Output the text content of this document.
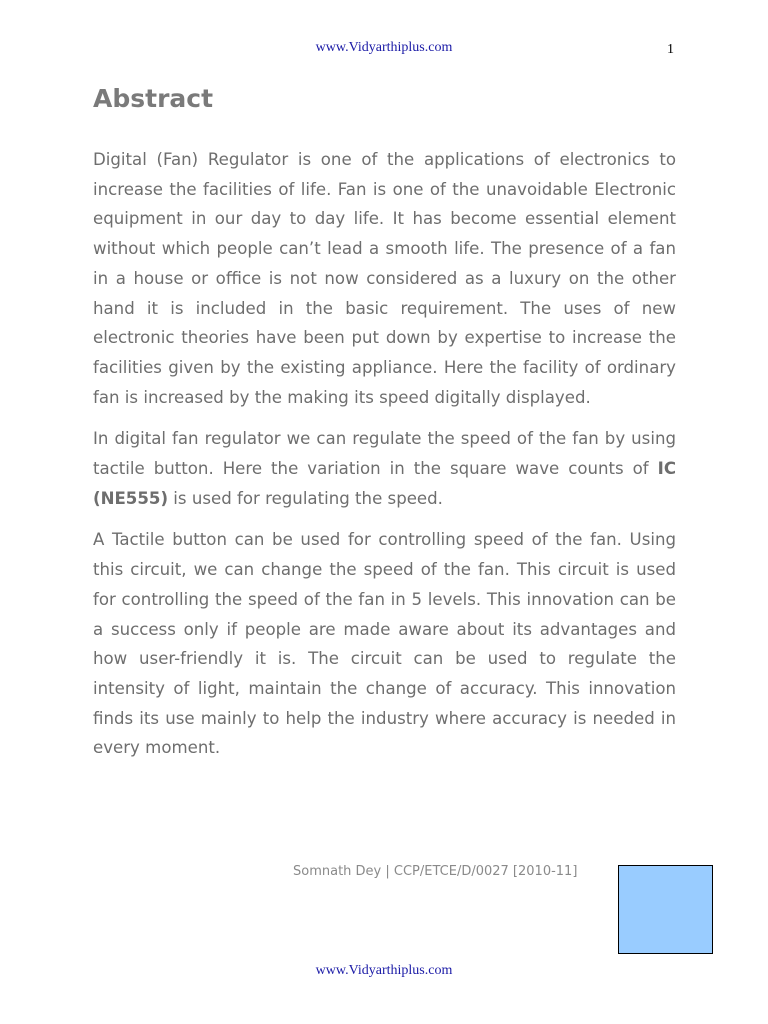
www.Vidyarthiplus.com	1
Abstract

Digital (Fan) Regulator is one of the applications of electronics to increase the facilities of life. Fan is one of the unavoidable Electronic equipment in our day to day life. It has become essential element without which people can’t lead a smooth life. The presence of a fan in a house or office is not now considered as a luxury on the other hand it is included in the basic requirement. The uses of new electronic theories have been put down by expertise to increase the facilities given by the existing appliance. Here the facility of ordinary fan is increased by the making its speed digitally displayed.

In digital fan regulator we can regulate the speed of the fan by using tactile button. Here the variation in the square wave counts of IC (NE555) is used for regulating the speed.

A Tactile button can be used for controlling speed of the fan. Using this circuit, we can change the speed of the fan. This circuit is used for controlling the speed of the fan in 5 levels. This innovation can be a success only if people are made aware about its advantages and how user-friendly it is. The circuit can be used to regulate the intensity of light, maintain the change of accuracy. This innovation finds its use mainly to help the industry where accuracy is needed in every moment.

Somnath Dey | CCP/ETCE/D/0027 [2010-11]
www.Vidyarthiplus.com
